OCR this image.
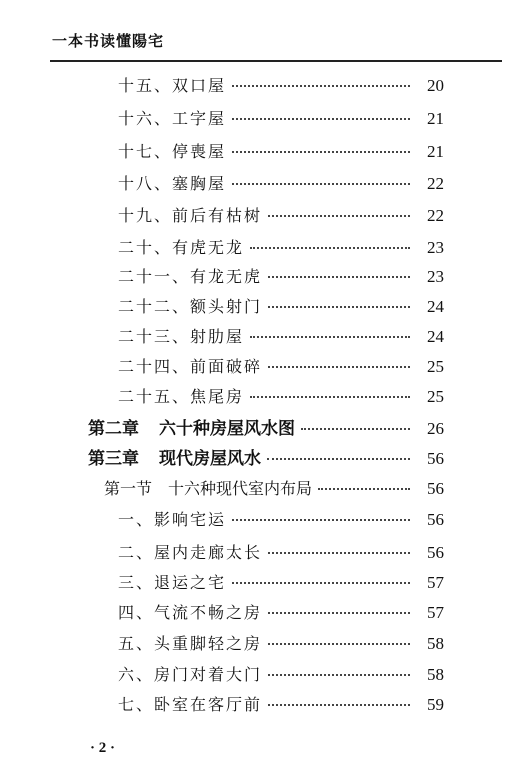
一本书读懂陽宅
十五、双口屋	20
十六、工字屋	21
十七、停喪屋	21
十八、塞胸屋	22
十九、前后有枯树	22
二十、有虎无龙	23
二十一、有龙无虎	23
二十二、额头射门	24
二十三、射肋屋	24
二十四、前面破碎	25
二十五、焦尾房	25
第二章 六十种房屋风水图	26
第三章 现代房屋风水	56
第一节 十六种现代室内布局	56
一、影响宅运	56
二、屋内走廊太长	56
三、退运之宅	57
四、气流不畅之房	57
五、头重脚轻之房	58
六、房门对着大门	58
七、卧室在客厅前	59
· 2 ·
